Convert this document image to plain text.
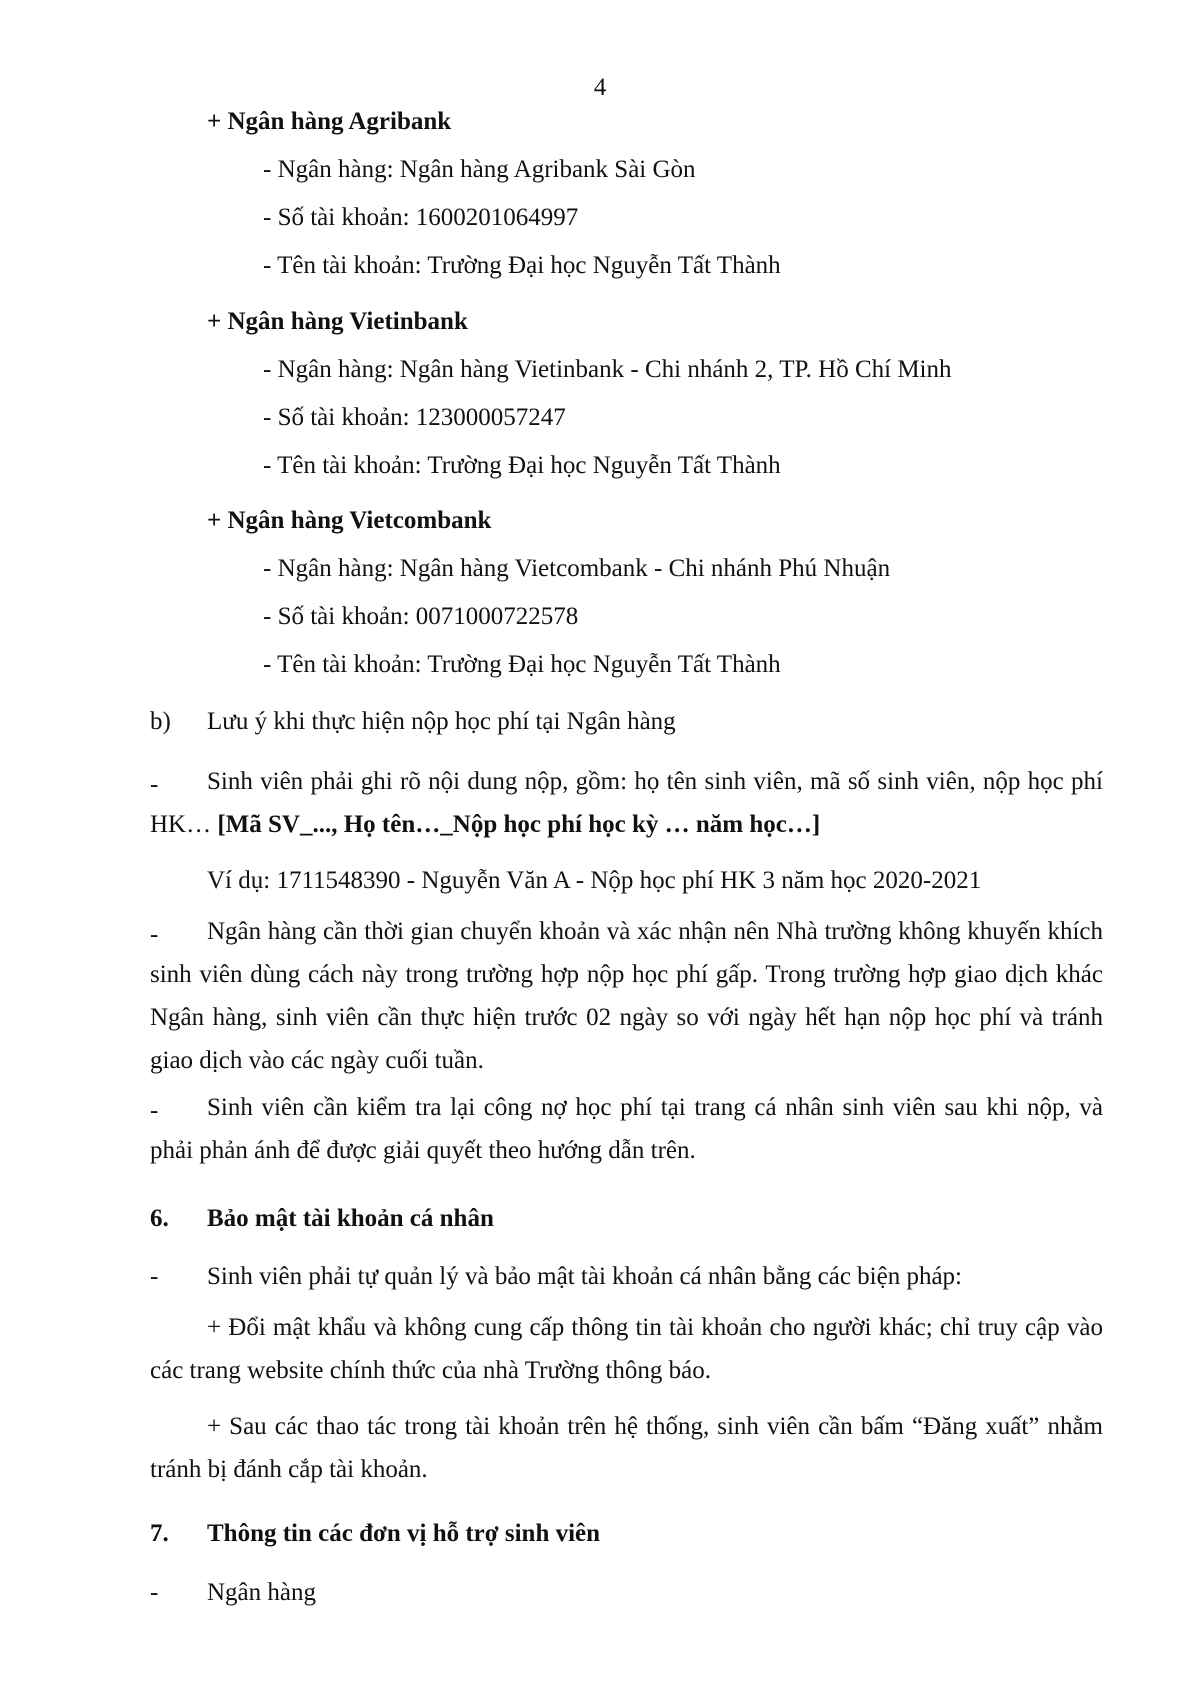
4
+ Ngân hàng Agribank
- Ngân hàng: Ngân hàng Agribank Sài Gòn
- Số tài khoản: 1600201064997
- Tên tài khoản: Trường Đại học Nguyễn Tất Thành
+ Ngân hàng Vietinbank
- Ngân hàng: Ngân hàng Vietinbank - Chi nhánh 2, TP. Hồ Chí Minh
- Số tài khoản: 123000057247
- Tên tài khoản: Trường Đại học Nguyễn Tất Thành
+ Ngân hàng Vietcombank
- Ngân hàng: Ngân hàng Vietcombank - Chi nhánh Phú Nhuận
- Số tài khoản: 0071000722578
- Tên tài khoản: Trường Đại học Nguyễn Tất Thành
b) Lưu ý khi thực hiện nộp học phí tại Ngân hàng
-	Sinh viên phải ghi rõ nội dung nộp, gồm: họ tên sinh viên, mã số sinh viên, nộp học phí HK… [Mã SV_..., Họ tên…_Nộp học phí học kỳ … năm học…]
Ví dụ: 1711548390 - Nguyễn Văn A - Nộp học phí HK 3 năm học 2020-2021
-	Ngân hàng cần thời gian chuyển khoản và xác nhận nên Nhà trường không khuyến khích sinh viên dùng cách này trong trường hợp nộp học phí gấp. Trong trường hợp giao dịch khác Ngân hàng, sinh viên cần thực hiện trước 02 ngày so với ngày hết hạn nộp học phí và tránh giao dịch vào các ngày cuối tuần.
-	Sinh viên cần kiểm tra lại công nợ học phí tại trang cá nhân sinh viên sau khi nộp, và phải phản ánh để được giải quyết theo hướng dẫn trên.
6. Bảo mật tài khoản cá nhân
- Sinh viên phải tự quản lý và bảo mật tài khoản cá nhân bằng các biện pháp:
+ Đổi mật khẩu và không cung cấp thông tin tài khoản cho người khác; chỉ truy cập vào các trang website chính thức của nhà Trường thông báo.
+ Sau các thao tác trong tài khoản trên hệ thống, sinh viên cần bấm “Đăng xuất” nhằm tránh bị đánh cắp tài khoản.
7. Thông tin các đơn vị hỗ trợ sinh viên
- Ngân hàng
